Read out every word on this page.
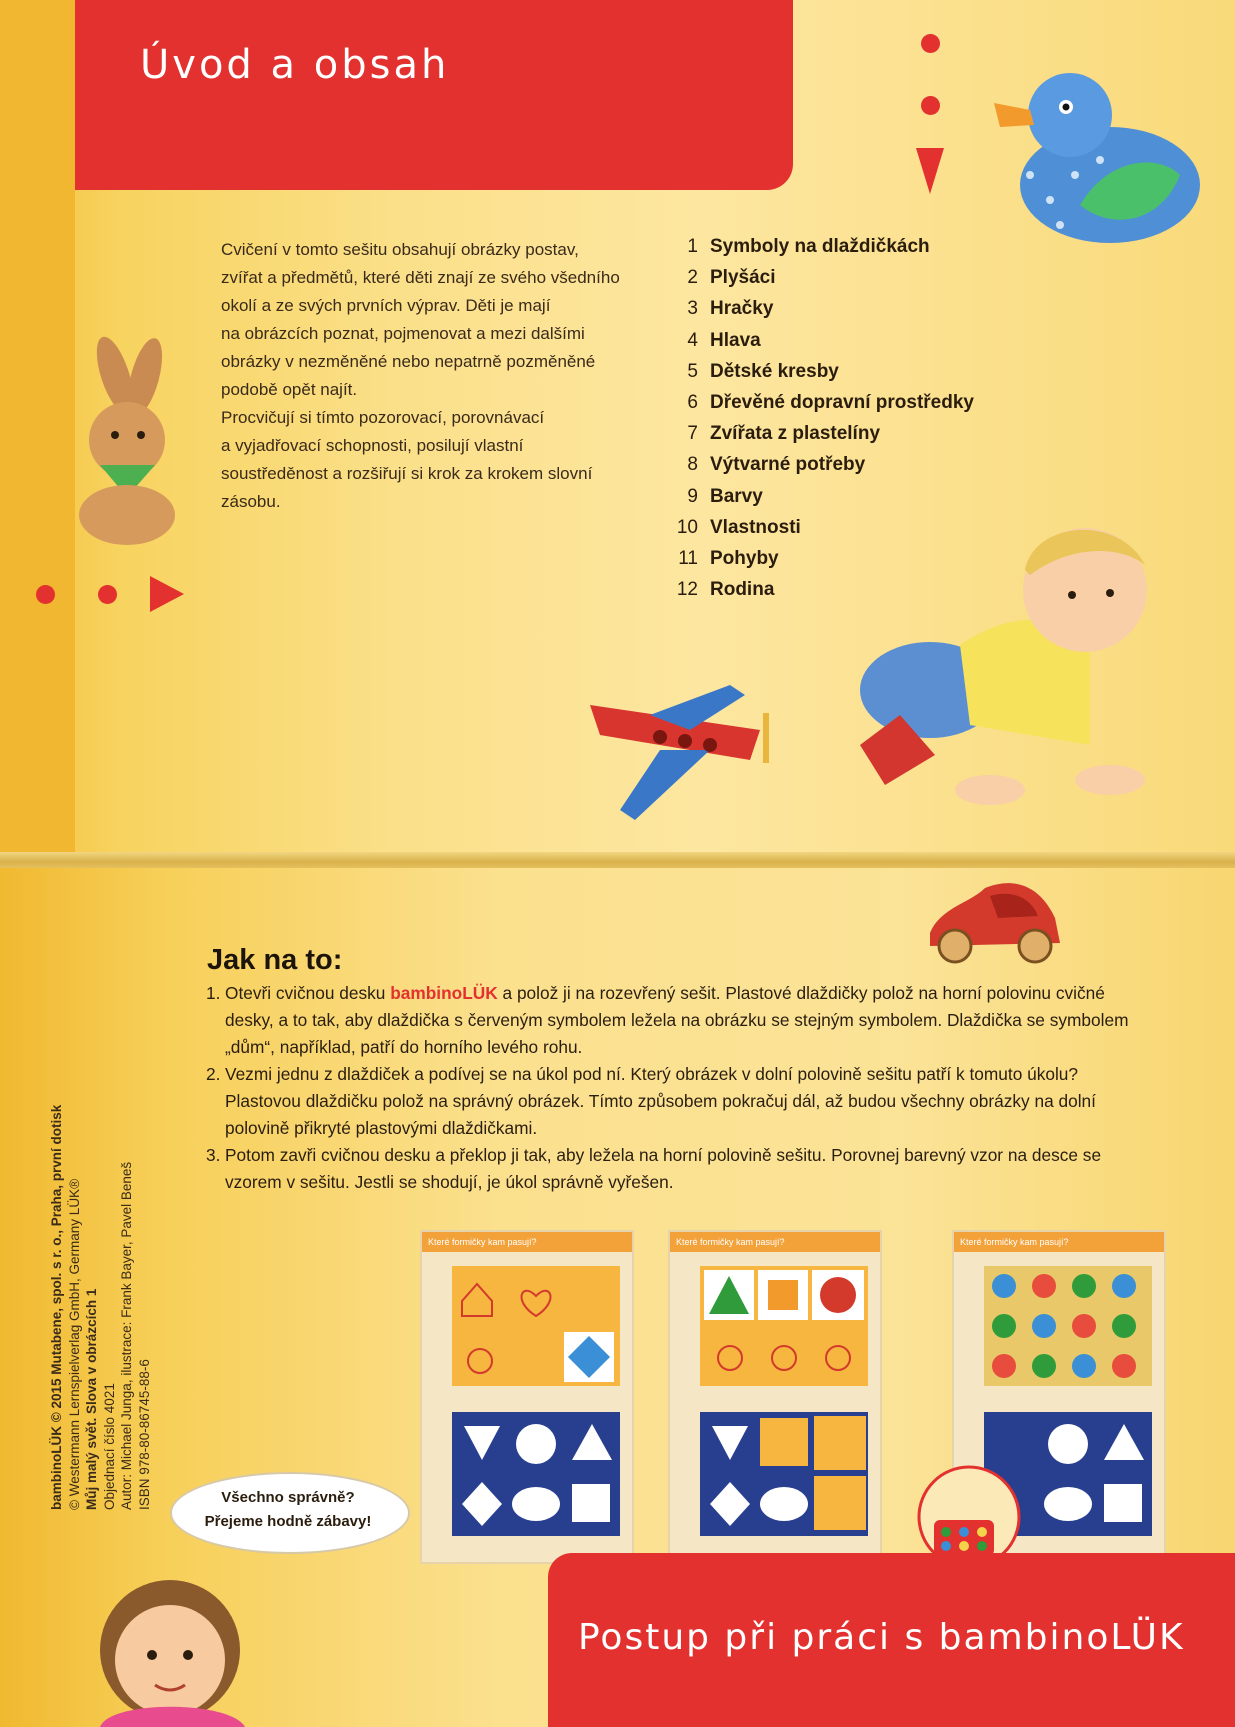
Úvod a obsah

Cvičení v tomto sešitu obsahují obrázky postav,

zvířat a předmětů, které děti znají ze svého všedního

okolí a ze svých prvních výprav. Děti je mají

na obrázcích poznat, pojmenovat a mezi dalšími

obrázky v nezměněné nebo nepatrně pozměněné

podobě opět najít.

Procvičují si tímto pozorovací, porovnávací

a vyjadřovací schopnosti, posilují vlastní

soustředěnost a rozšiřují si krok za krokem slovní

zásobu.

1 Symboly na dlaždičkách
2 Plyšáci
3 Hračky
4 Hlava
5 Dětské kresby
6 Dřevěné dopravní prostředky
7 Zvířata z plastelíny
8 Výtvarné potřeby
9 Barvy
10 Vlastnosti
11 Pohyby
12 Rodina
Jak na to:
1. Otevři cvičnou desku bambinoLÜK a polož ji na rozevřený sešit. Plastové dlaždičky polož na horní polovinu cvičné desky, a to tak, aby dlaždička s červeným symbolem ležela na obrázku se stejným symbolem. Dlaždička se symbolem „dům“, například, patří do horního levého rohu.
2. Vezmi jednu z dlaždiček a podívej se na úkol pod ní. Který obrázek v dolní polovině sešitu patří k tomuto úkolu? Plastovou dlaždičku polož na správný obrázek. Tímto způsobem pokračuj dál, až budou všechny obrázky na dolní polovině přikryté plastovými dlaždičkami.
3. Potom zavři cvičnou desku a překlop ji tak, aby ležela na horní polovině sešitu. Porovnej barevný vzor na desce se vzorem v sešitu. Jestli se shodují, je úkol správně vyřešen.
bambinoLÜK © 2015 Mutabene, spol. s r. o., Praha, první dotisk © Westermann Lernspielverlag GmbH, Germany LÜK® Můj malý svět. Slova v obrázcích 1 Objednací číslo 4021 Autor: Michael Junga, ilustrace: Frank Bayer, Pavel Beneš ISBN 978-80-86745-88-6
Které formičky kam pasují?	Které formičky kam pasují?	Které formičky kam pasují?
Všechno správně?
Přejeme hodně zábavy!
Postup při práci s bambinoLÜK
